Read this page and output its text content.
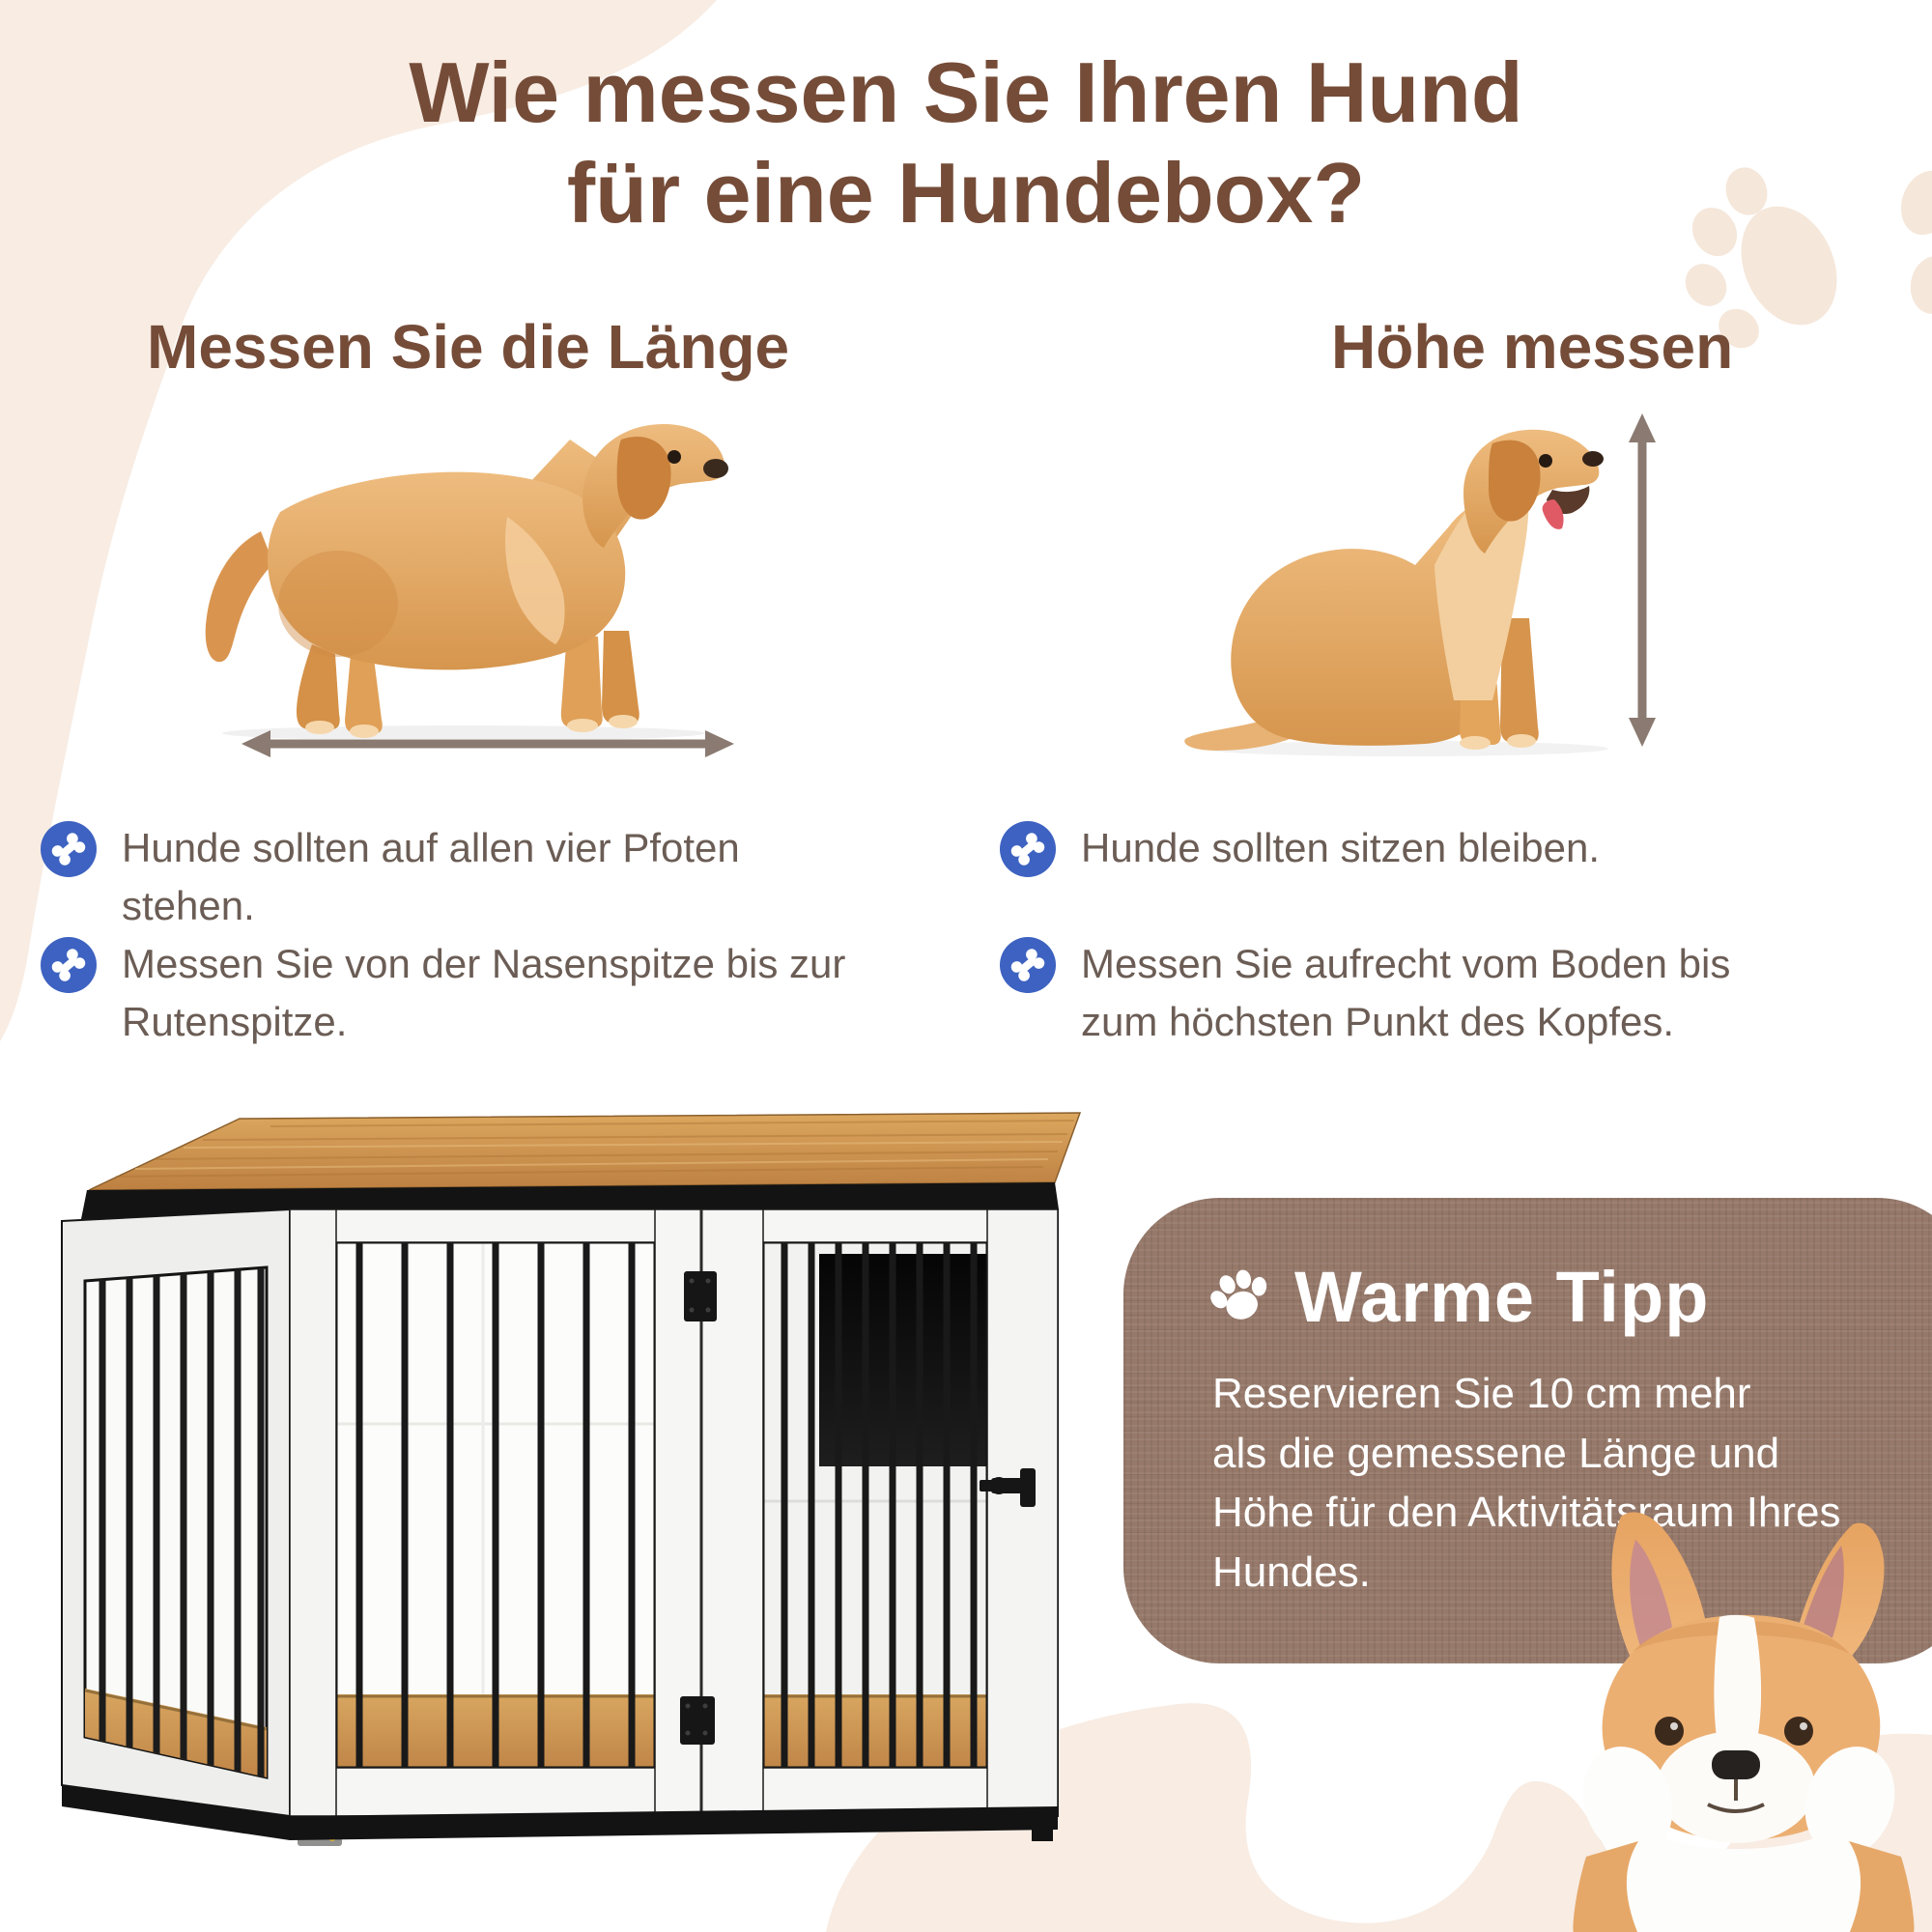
Wie messen Sie Ihren Hund
für eine Hundebox?
Messen Sie die Länge	Höhe messen

Hunde sollten auf allen vier Pfoten stehen.

Messen Sie von der Nasenspitze bis zur Rutenspitze.

Hunde sollten sitzen bleiben.

Messen Sie aufrecht vom Boden bis zum höchsten Punkt des Kopfes.

Warme Tipp
Reservieren Sie 10 cm mehr
als die gemessene Länge und
Höhe für den Aktivitätsraum Ihres
Hundes.
